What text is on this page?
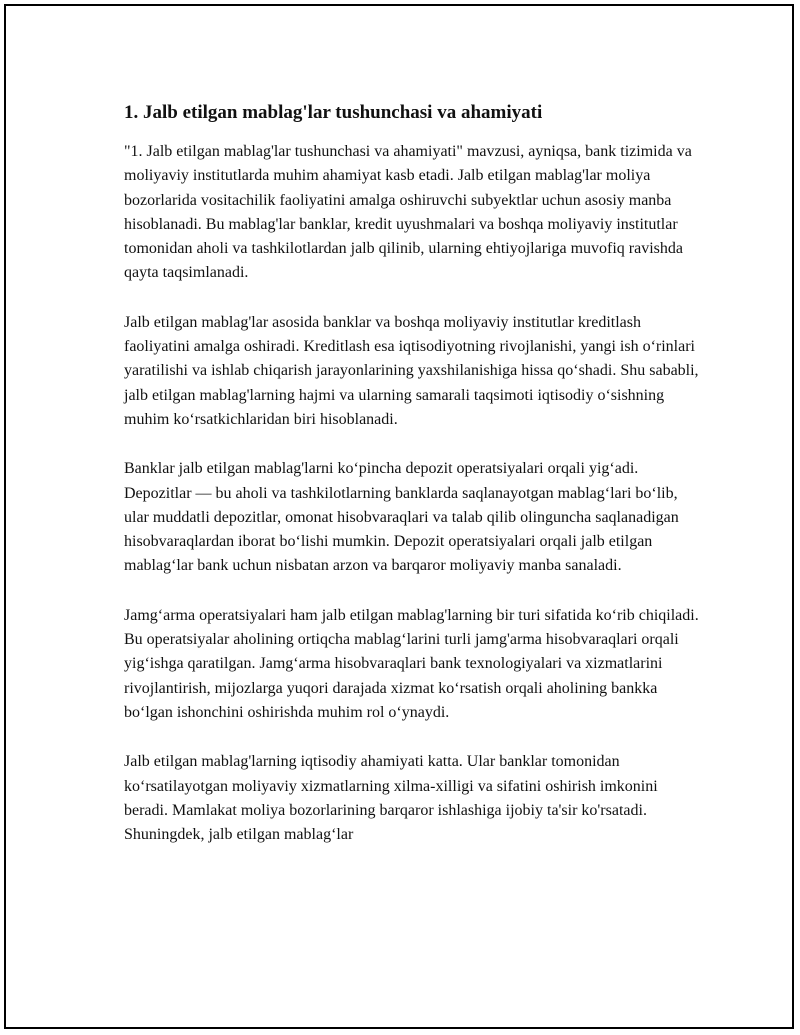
1. Jalb etilgan mablag'lar tushunchasi va ahamiyati

"1. Jalb etilgan mablag'lar tushunchasi va ahamiyati" mavzusi, ayniqsa, bank tizimida va moliyaviy institutlarda muhim ahamiyat kasb etadi. Jalb etilgan mablag'lar moliya bozorlarida vositachilik faoliyatini amalga oshiruvchi subyektlar uchun asosiy manba hisoblanadi. Bu mablag'lar banklar, kredit uyushmalari va boshqa moliyaviy institutlar tomonidan aholi va tashkilotlardan jalb qilinib, ularning ehtiyojlariga muvofiq ravishda qayta taqsimlanadi.

Jalb etilgan mablag'lar asosida banklar va boshqa moliyaviy institutlar kreditlash faoliyatini amalga oshiradi. Kreditlash esa iqtisodiyotning rivojlanishi, yangi ish o‘rinlari yaratilishi va ishlab chiqarish jarayonlarining yaxshilanishiga hissa qo‘shadi. Shu sababli, jalb etilgan mablag'larning hajmi va ularning samarali taqsimoti iqtisodiy o‘sishning muhim ko‘rsatkichlaridan biri hisoblanadi.

Banklar jalb etilgan mablag'larni ko‘pincha depozit operatsiyalari orqali yig‘adi. Depozitlar — bu aholi va tashkilotlarning banklarda saqlanayotgan mablag‘lari bo‘lib, ular muddatli depozitlar, omonat hisobvaraqlari va talab qilib olinguncha saqlanadigan hisobvaraqlardan iborat bo‘lishi mumkin. Depozit operatsiyalari orqali jalb etilgan mablag‘lar bank uchun nisbatan arzon va barqaror moliyaviy manba sanaladi.

Jamg‘arma operatsiyalari ham jalb etilgan mablag'larning bir turi sifatida ko‘rib chiqiladi. Bu operatsiyalar aholining ortiqcha mablag‘larini turli jamg'arma hisobvaraqlari orqali yig‘ishga qaratilgan. Jamg‘arma hisobvaraqlari bank texnologiyalari va xizmatlarini rivojlantirish, mijozlarga yuqori darajada xizmat ko‘rsatish orqali aholining bankka bo‘lgan ishonchini oshirishda muhim rol o‘ynaydi.

Jalb etilgan mablag'larning iqtisodiy ahamiyati katta. Ular banklar tomonidan ko‘rsatilayotgan moliyaviy xizmatlarning xilma-xilligi va sifatini oshirish imkonini beradi. Mamlakat moliya bozorlarining barqaror ishlashiga ijobiy ta'sir ko'rsatadi. Shuningdek, jalb etilgan mablag‘lar
